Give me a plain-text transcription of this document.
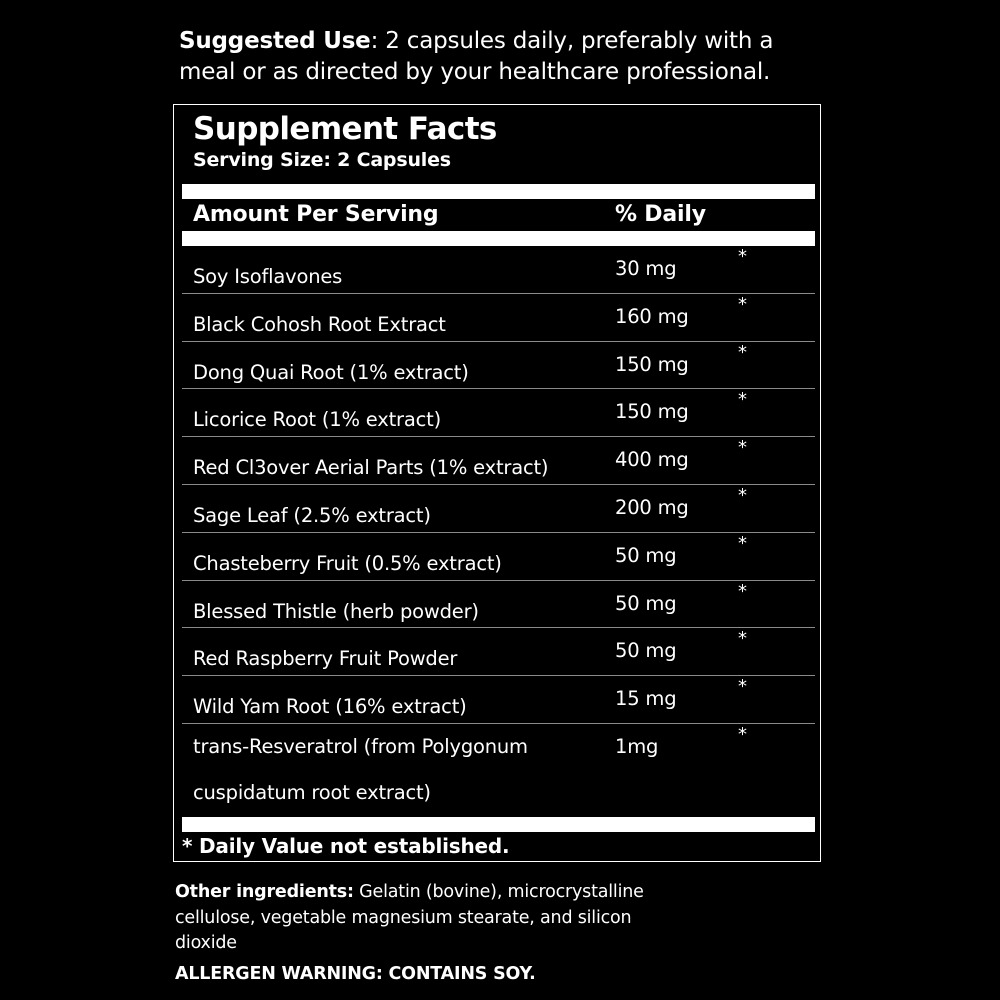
Suggested Use: 2 capsules daily, preferably with a meal or as directed by your healthcare professional.
Supplement Facts
Serving Size: 2 Capsules
Amount Per Serving	% Daily
Soy Isoflavones	30 mg
*
Black Cohosh Root Extract	160 mg
*
Dong Quai Root (1% extract)	150 mg
*
Licorice Root (1% extract)	150 mg
*
Red Cl3over Aerial Parts (1% extract)	400 mg
*
Sage Leaf (2.5% extract)	200 mg
*
Chasteberry Fruit (0.5% extract)	50 mg
*
Blessed Thistle (herb powder)	50 mg
*
Red Raspberry Fruit Powder	50 mg
*
Wild Yam Root (16% extract)	15 mg
*
trans-Resveratrol (from Polygonum cuspidatum root extract)
1mg
*
* Daily Value not established.
Other ingredients: Gelatin (bovine), microcrystalline cellulose, vegetable magnesium stearate, and silicon dioxide
ALLERGEN WARNING: CONTAINS SOY.
